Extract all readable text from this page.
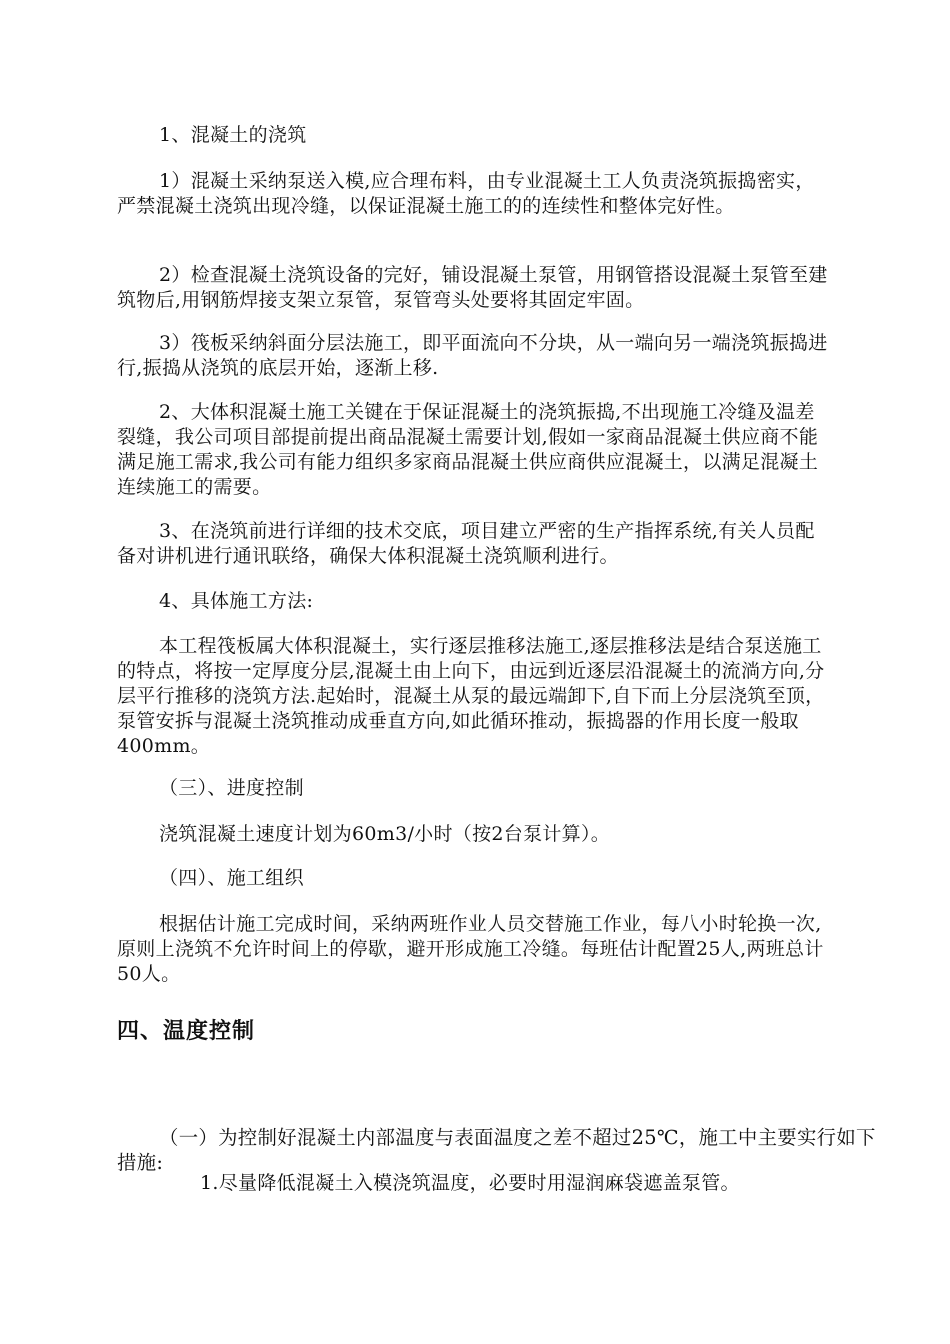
1、混凝土的浇筑

1）混凝土采纳泵送入模,应合理布料，由专业混凝土工人负责浇筑振捣密实，严禁混凝土浇筑出现冷缝，以保证混凝土施工的的连续性和整体完好性。

2）检查混凝土浇筑设备的完好，铺设混凝土泵管，用钢管搭设混凝土泵管至建筑物后,用钢筋焊接支架立泵管，泵管弯头处要将其固定牢固。

3）筏板采纳斜面分层法施工，即平面流向不分块，从一端向另一端浇筑振捣进行,振捣从浇筑的底层开始，逐渐上移.

2、大体积混凝土施工关键在于保证混凝土的浇筑振捣,不出现施工冷缝及温差裂缝，我公司项目部提前提出商品混凝土需要计划,假如一家商品混凝土供应商不能满足施工需求,我公司有能力组织多家商品混凝土供应商供应混凝土，以满足混凝土连续施工的需要。

3、在浇筑前进行详细的技术交底，项目建立严密的生产指挥系统,有关人员配备对讲机进行通讯联络，确保大体积混凝土浇筑顺利进行。

4、具体施工方法:

本工程筏板属大体积混凝土，实行逐层推移法施工,逐层推移法是结合泵送施工的特点，将按一定厚度分层,混凝土由上向下，由远到近逐层沿混凝土的流淌方向,分层平行推移的浇筑方法.起始时，混凝土从泵的最远端卸下,自下而上分层浇筑至顶，泵管安拆与混凝土浇筑推动成垂直方向,如此循环推动，振捣器的作用长度一般取400mm。

（三）、进度控制

浇筑混凝土速度计划为60m3/小时（按2台泵计算）。

（四）、施工组织

根据估计施工完成时间，采纳两班作业人员交替施工作业，每八小时轮换一次,原则上浇筑不允许时间上的停歇，避开形成施工冷缝。每班估计配置25人,两班总计50人。

四、温度控制

（一）为控制好混凝土内部温度与表面温度之差不超过25℃，施工中主要实行如下措施:

1.尽量降低混凝土入模浇筑温度，必要时用湿润麻袋遮盖泵管。
